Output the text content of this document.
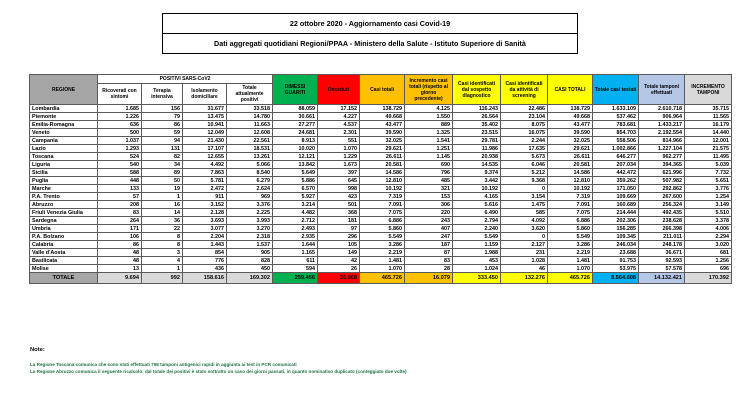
22 ottobre 2020 - Aggiornamento casi Covid-19
Dati aggregati quotidiani Regioni/PPAA - Ministero della Salute - Istituto Superiore di Sanità
REGIONE	POSITIVI SARS-CoV2				DIMESSI GUARITI	Deceduti	Casi totali	Incremento casi totali (rispetto al giorno precedente)	Casi identificati dal sospetto diagnostico	Casi identificati da attività di screening	CASI TOTALI	Totale casi testati	Totale tamponi effettuati	INCREMENTO TAMPONI
	Ricoverati con sintomi	Terapia intensiva	Isolamento domiciliare	Totale attualmente positivi										
Lombardia	1.685	156	31.677	33.518	88.059	17.152	138.729	4.125	116.243	22.486	138.729	1.633.109	2.610.718	35.715
Piemonte	1.226	79	13.475	14.780	30.661	4.227	49.668	1.550	26.564	23.104	49.668	537.462	906.964	11.565
Emilia-Romagna	636	86	10.941	11.663	27.277	4.537	43.477	889	35.402	8.075	43.477	783.681	1.433.217	16.179
Veneto	500	59	12.049	12.608	24.681	2.301	39.590	1.325	23.515	16.075	39.590	854.703	2.192.554	14.440
Campania	1.037	94	21.430	22.561	8.913	551	32.025	1.541	29.781	2.244	32.025	558.506	814.966	12.001
Lazio	1.293	131	17.107	18.531	10.020	1.070	29.621	1.251	11.986	17.635	29.621	1.002.866	1.227.104	21.575
Toscana	524	82	12.655	13.261	12.121	1.229	26.611	1.145	20.938	5.673	26.611	646.277	962.277	11.495
Liguria	540	34	4.492	5.066	13.842	1.673	20.581	690	14.535	6.046	20.581	207.034	394.365	5.039
Sicilia	588	89	7.863	8.540	5.649	397	14.586	796	9.374	5.212	14.586	442.472	621.996	7.732
Puglia	448	50	5.781	6.279	5.886	645	12.810	485	3.442	9.368	12.810	359.262	507.982	5.651
Marche	133	19	2.472	2.624	6.570	998	10.192	321	10.192	0	10.192	171.050	292.862	3.776
P.A. Trento	57	1	911	969	5.927	423	7.319	153	4.165	3.154	7.319	109.669	267.600	1.254
Abruzzo	208	16	3.152	3.376	3.214	501	7.091	306	5.616	1.475	7.091	160.689	256.324	3.149
Friuli Venezia Giulia	83	14	2.128	2.225	4.482	368	7.075	220	6.490	585	7.075	214.444	492.435	5.510
Sardegna	264	36	3.693	3.993	2.712	181	6.886	243	2.794	4.092	6.886	202.306	238.628	3.378
Umbria	171	22	3.077	3.270	2.493	97	5.860	407	2.240	3.620	5.860	156.285	266.398	4.006
P.A. Bolzano	106	8	2.204	2.318	2.935	296	5.549	247	5.549	0	5.549	109.345	211.011	2.294
Calabria	86	8	1.443	1.537	1.644	105	3.286	187	1.159	2.127	3.286	246.034	248.178	3.020
Valle d'Aosta	48	3	854	905	1.165	149	2.219	87	1.988	231	2.219	23.688	36.671	681
Basilicata	48	4	776	828	611	42	1.481	83	453	1.028	1.481	91.753	92.593	1.256
Molise	13	1	436	450	594	26	1.070	28	1.024	46	1.070	53.975	57.578	696
TOTALE	9.694	992	158.616	169.302	259.456	36.968	465.726	16.079	333.450	132.276	465.726	8.564.608	14.132.421	170.392
Note:
La Regione Toscana comunica che sono stati effettuati 758 tamponi antigenici rapidi in aggiunta ai test in PCR comunicati
La Regione Abruzzo comunica il seguente ricalcolo: dal totale dei positivi è stato sottratto un caso dei giorni passati, in quanto nominativo duplicato (conteggiato due volte)
